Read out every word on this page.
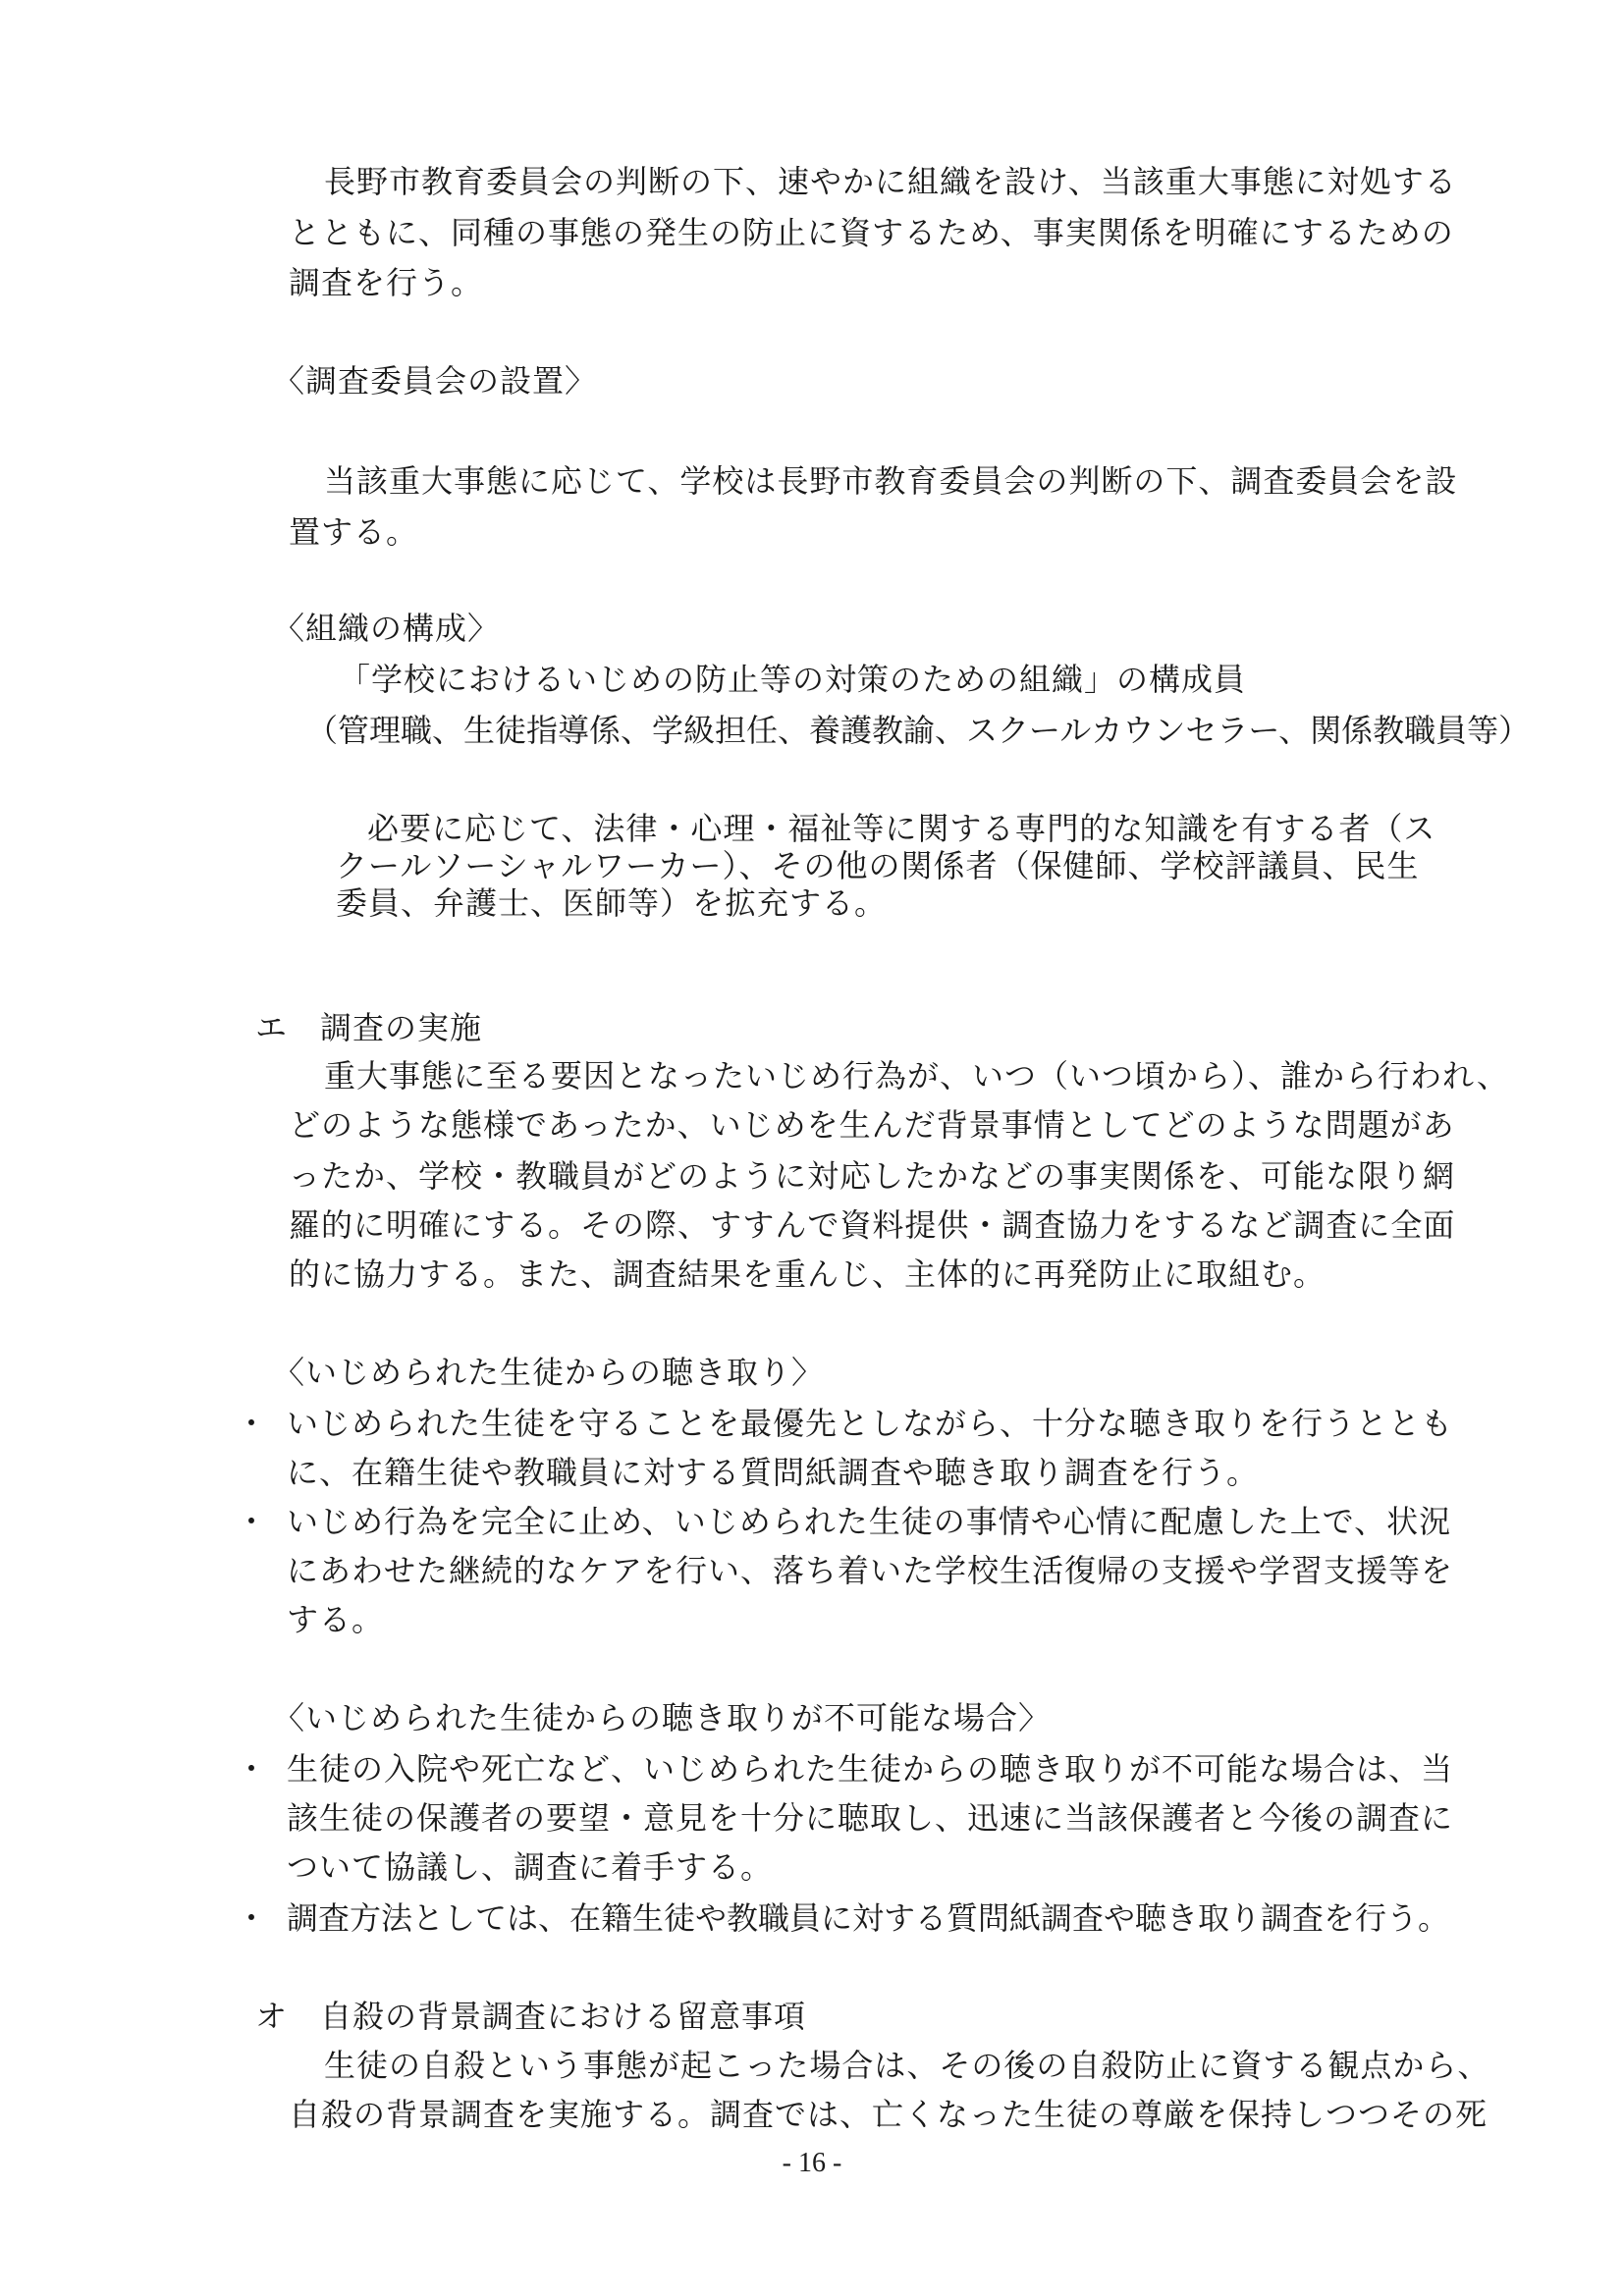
長野市教育委員会の判断の下、速やかに組織を設け、当該重大事態に対処する
とともに、同種の事態の発生の防止に資するため、事実関係を明確にするための
調査を行う。
〈調査委員会の設置〉
当該重大事態に応じて、学校は長野市教育委員会の判断の下、調査委員会を設
置する。
〈組織の構成〉
「学校におけるいじめの防止等の対策のための組織」の構成員
（管理職、生徒指導係、学級担任、養護教諭、スクールカウンセラー、関係教職員等）
必要に応じて、法律・心理・福祉等に関する専門的な知識を有する者（ス
クールソーシャルワーカー）、その他の関係者（保健師、学校評議員、民生
委員、弁護士、医師等）を拡充する。
エ　調査の実施
重大事態に至る要因となったいじめ行為が、いつ（いつ頃から）、誰から行われ、
どのような態様であったか、いじめを生んだ背景事情としてどのような問題があ
ったか、学校・教職員がどのように対応したかなどの事実関係を、可能な限り網
羅的に明確にする。その際、すすんで資料提供・調査協力をするなど調査に全面
的に協力する。また、調査結果を重んじ、主体的に再発防止に取組む。
〈いじめられた生徒からの聴き取り〉
・ いじめられた生徒を守ることを最優先としながら、十分な聴き取りを行うととも
に、在籍生徒や教職員に対する質問紙調査や聴き取り調査を行う。
・ いじめ行為を完全に止め、いじめられた生徒の事情や心情に配慮した上で、状況
にあわせた継続的なケアを行い、落ち着いた学校生活復帰の支援や学習支援等を
する。
〈いじめられた生徒からの聴き取りが不可能な場合〉
・ 生徒の入院や死亡など、いじめられた生徒からの聴き取りが不可能な場合は、当
該生徒の保護者の要望・意見を十分に聴取し、迅速に当該保護者と今後の調査に
ついて協議し、調査に着手する。
・ 調査方法としては、在籍生徒や教職員に対する質問紙調査や聴き取り調査を行う。
オ　自殺の背景調査における留意事項
生徒の自殺という事態が起こった場合は、その後の自殺防止に資する観点から、
自殺の背景調査を実施する。調査では、亡くなった生徒の尊厳を保持しつつその死
- 16 -
